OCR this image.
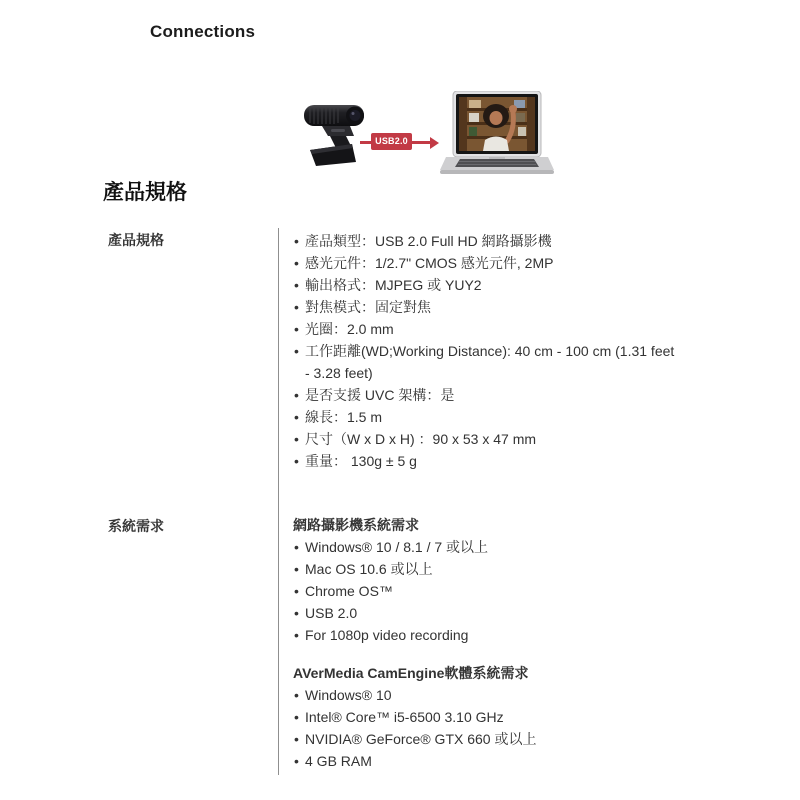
Connections
USB2.0
產品規格
產品規格	• 產品類型：USB 2.0 Full HD 網路攝影機
• 感光元件：1/2.7" CMOS 感光元件, 2MP
• 輸出格式：MJPEG 或 YUY2
• 對焦模式：固定對焦
• 光圈：2.0 mm
• 工作距離(WD;Working Distance): 40 cm - 100 cm (1.31 feet - 3.28 feet)
• 是否支援 UVC 架構：是
• 線長：1.5 m
• 尺寸（W x D x H) ：90 x 53 x 47 mm
• 重量： 130g ± 5 g
系統需求	網路攝影機系統需求
• Windows® 10 / 8.1 / 7 或以上
• Mac OS 10.6 或以上
• Chrome OS™
• USB 2.0
• For 1080p video recording
AVerMedia CamEngine軟體系統需求
• Windows® 10
• Intel® Core™ i5-6500 3.10 GHz
• NVIDIA® GeForce® GTX 660 或以上
• 4 GB RAM
